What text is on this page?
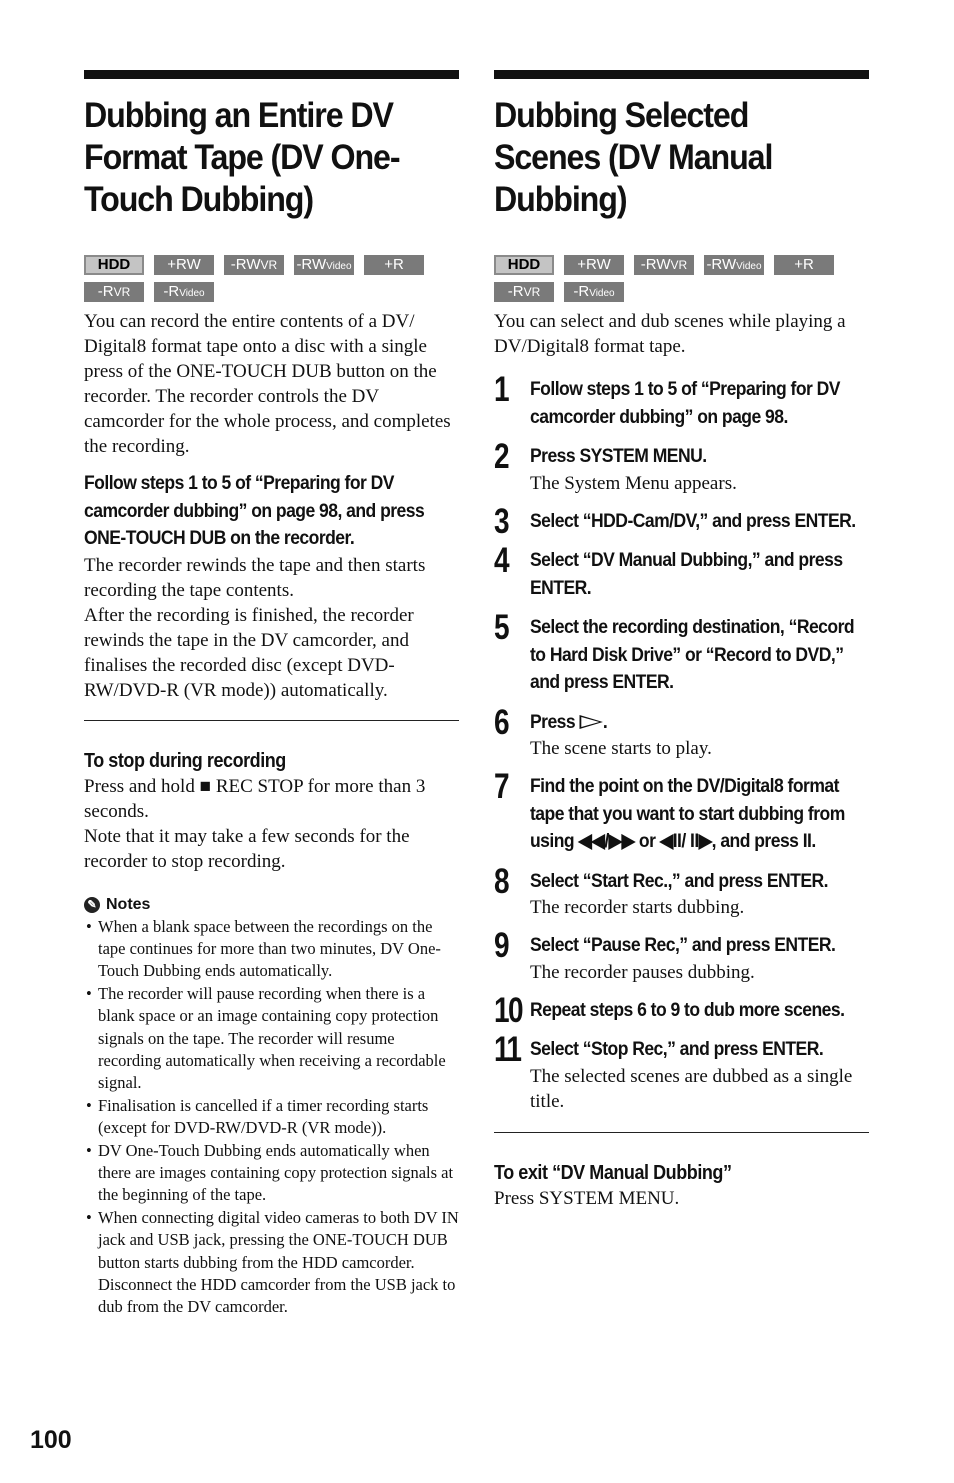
Dubbing an Entire DV
Format Tape (DV One-
Touch Dubbing)
HDD	+RW	-RWVR	-RWVideo	+R
-RVR	-RVideo

You can record the entire contents of a DV/ Digital8 format tape onto a disc with a single press of the ONE-TOUCH DUB button on the recorder. The recorder controls the DV camcorder for the whole process, and completes the recording.

Follow steps 1 to 5 of “Preparing for DV camcorder dubbing” on page 98, and press ONE-TOUCH DUB on the recorder.

The recorder rewinds the tape and then starts recording the tape contents.

After the recording is finished, the recorder rewinds the tape in the DV camcorder, and finalises the recorded disc (except DVD-RW/DVD-R (VR mode)) automatically.

To stop during recording

Press and hold ■ REC STOP for more than 3 seconds.

Note that it may take a few seconds for the recorder to stop recording.

✎ Notes
• When a blank space between the recordings on the tape continues for more than two minutes, DV One-Touch Dubbing ends automatically.
• The recorder will pause recording when there is a blank space or an image containing copy protection signals on the tape. The recorder will resume recording automatically when receiving a recordable signal.
• Finalisation is cancelled if a timer recording starts (except for DVD-RW/DVD-R (VR mode)).
• DV One-Touch Dubbing ends automatically when there are images containing copy protection signals at the beginning of the tape.
• When connecting digital video cameras to both DV IN jack and USB jack, pressing the ONE-TOUCH DUB button starts dubbing from the HDD camcorder. Disconnect the HDD camcorder from the USB jack to dub from the DV camcorder.
Dubbing Selected
Scenes (DV Manual
Dubbing)
HDD	+RW	-RWVR	-RWVideo	+R
-RVR	-RVideo

You can select and dub scenes while playing a DV/Digital8 format tape.

1 Follow steps 1 to 5 of “Preparing for DV camcorder dubbing” on page 98.
2 Press SYSTEM MENU.
The System Menu appears.
3 Select “HDD-Cam/DV,” and press ENTER.
4 Select “DV Manual Dubbing,” and press ENTER.
5 Select the recording destination, “Record to Hard Disk Drive” or “Record to DVD,” and press ENTER.
6 Press .
The scene starts to play.
7 Find the point on the DV/Digital8 format tape that you want to start dubbing from using ◀◀/▶▶ or ◀II/ II▶, and press II.
8 Select “Start Rec.,” and press ENTER.
The recorder starts dubbing.
9 Select “Pause Rec,” and press ENTER.
The recorder pauses dubbing.
10 Repeat steps 6 to 9 to dub more scenes.
11 Select “Stop Rec,” and press ENTER.
The selected scenes are dubbed as a single title.

To exit “DV Manual Dubbing”

Press SYSTEM MENU.

100
